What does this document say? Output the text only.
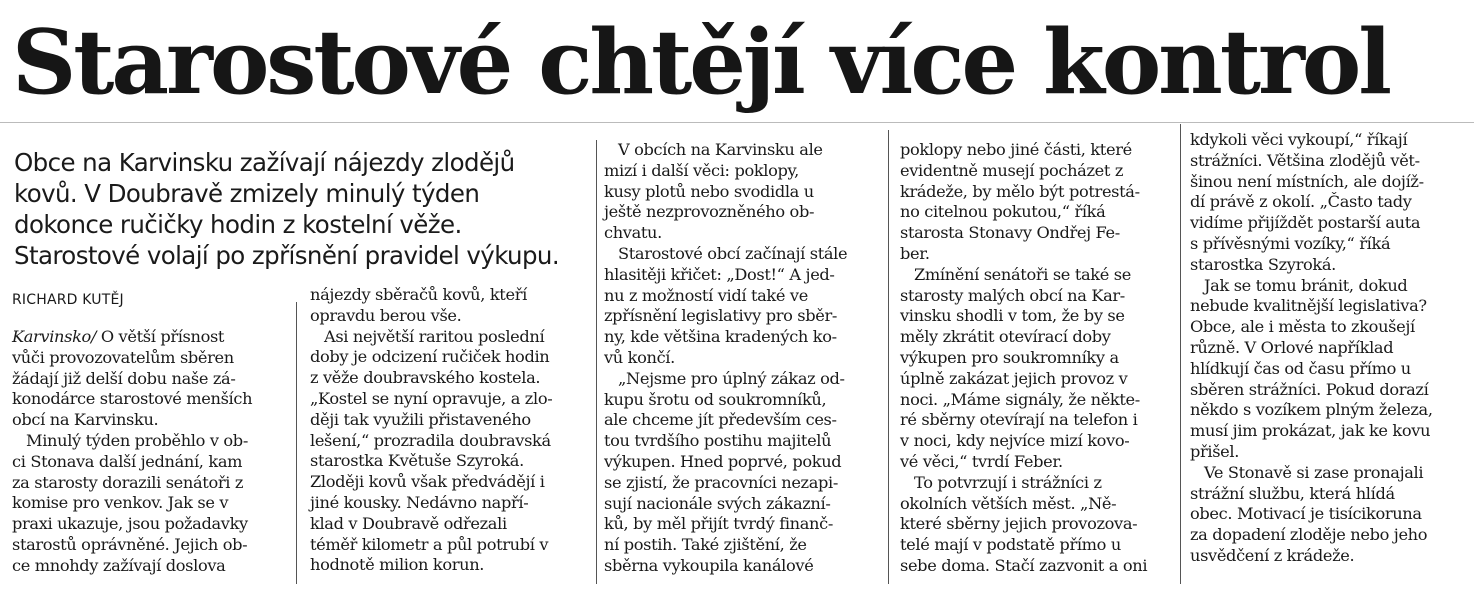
Starostové chtějí více kontrol
Obce na Karvinsku zažívají nájezdy zlodějů
kovů. V Doubravě zmizely minulý týden
dokonce ručičky hodin z kostelní věže.
Starostové volají po zpřísnění pravidel výkupu.
RICHARD KUTĚJ
Karvinsko/ O větší přísnost
vůči provozovatelům sběren
žádají již delší dobu naše zá-
konodárce starostové menších
obcí na Karvinsku.
Minulý týden proběhlo v ob-
ci Stonava další jednání, kam
za starosty dorazili senátoři z
komise pro venkov. Jak se v
praxi ukazuje, jsou požadavky
starostů oprávněné. Jejich ob-
ce mnohdy zažívají doslova
nájezdy sběračů kovů, kteří
opravdu berou vše.
Asi největší raritou poslední
doby je odcizení ručiček hodin
z věže doubravského kostela.
„Kostel se nyní opravuje, a zlo-
ději tak využili přistaveného
lešení,“ prozradila doubravská
starostka Květuše Szyroká.
Zloději kovů však předvádějí i
jiné kousky. Nedávno napří-
klad v Doubravě odřezali
téměř kilometr a půl potrubí v
hodnotě milion korun.
V obcích na Karvinsku ale
mizí i další věci: poklopy,
kusy plotů nebo svodidla u
ještě nezprovozněného ob-
chvatu.
Starostové obcí začínají stále
hlasitěji křičet: „Dost!“ A jed-
nu z možností vidí také ve
zpřísnění legislativy pro sběr-
ny, kde většina kradených ko-
vů končí.
„Nejsme pro úplný zákaz od-
kupu šrotu od soukromníků,
ale chceme jít především ces-
tou tvrdšího postihu majitelů
výkupen. Hned poprvé, pokud
se zjistí, že pracovníci nezapi-
sují nacionále svých zákazní-
ků, by měl přijít tvrdý finanč-
ní postih. Také zjištění, že
sběrna vykoupila kanálové
poklopy nebo jiné části, které
evidentně musejí pocházet z
krádeže, by mělo být potrestá-
no citelnou pokutou,“ říká
starosta Stonavy Ondřej Fe-
ber.
Zmínění senátoři se také se
starosty malých obcí na Kar-
vinsku shodli v tom, že by se
měly zkrátit otevírací doby
výkupen pro soukromníky a
úplně zakázat jejich provoz v
noci. „Máme signály, že někte-
ré sběrny otevírají na telefon i
v noci, kdy nejvíce mizí kovo-
vé věci,“ tvrdí Feber.
To potvrzují i strážníci z
okolních větších měst. „Ně-
které sběrny jejich provozova-
telé mají v podstatě přímo u
sebe doma. Stačí zazvonit a oni
kdykoli věci vykoupí,“ říkají
strážníci. Většina zlodějů vět-
šinou není místních, ale dojíž-
dí právě z okolí. „Často tady
vidíme přijíždět postarší auta
s přívěsnými vozíky,“ říká
starostka Szyroká.
Jak se tomu bránit, dokud
nebude kvalitnější legislativa?
Obce, ale i města to zkoušejí
různě. V Orlové například
hlídkují čas od času přímo u
sběren strážníci. Pokud dorazí
někdo s vozíkem plným železa,
musí jim prokázat, jak ke kovu
přišel.
Ve Stonavě si zase pronajali
strážní službu, která hlídá
obec. Motivací je tisícikoruna
za dopadení zloděje nebo jeho
usvědčení z krádeže.
